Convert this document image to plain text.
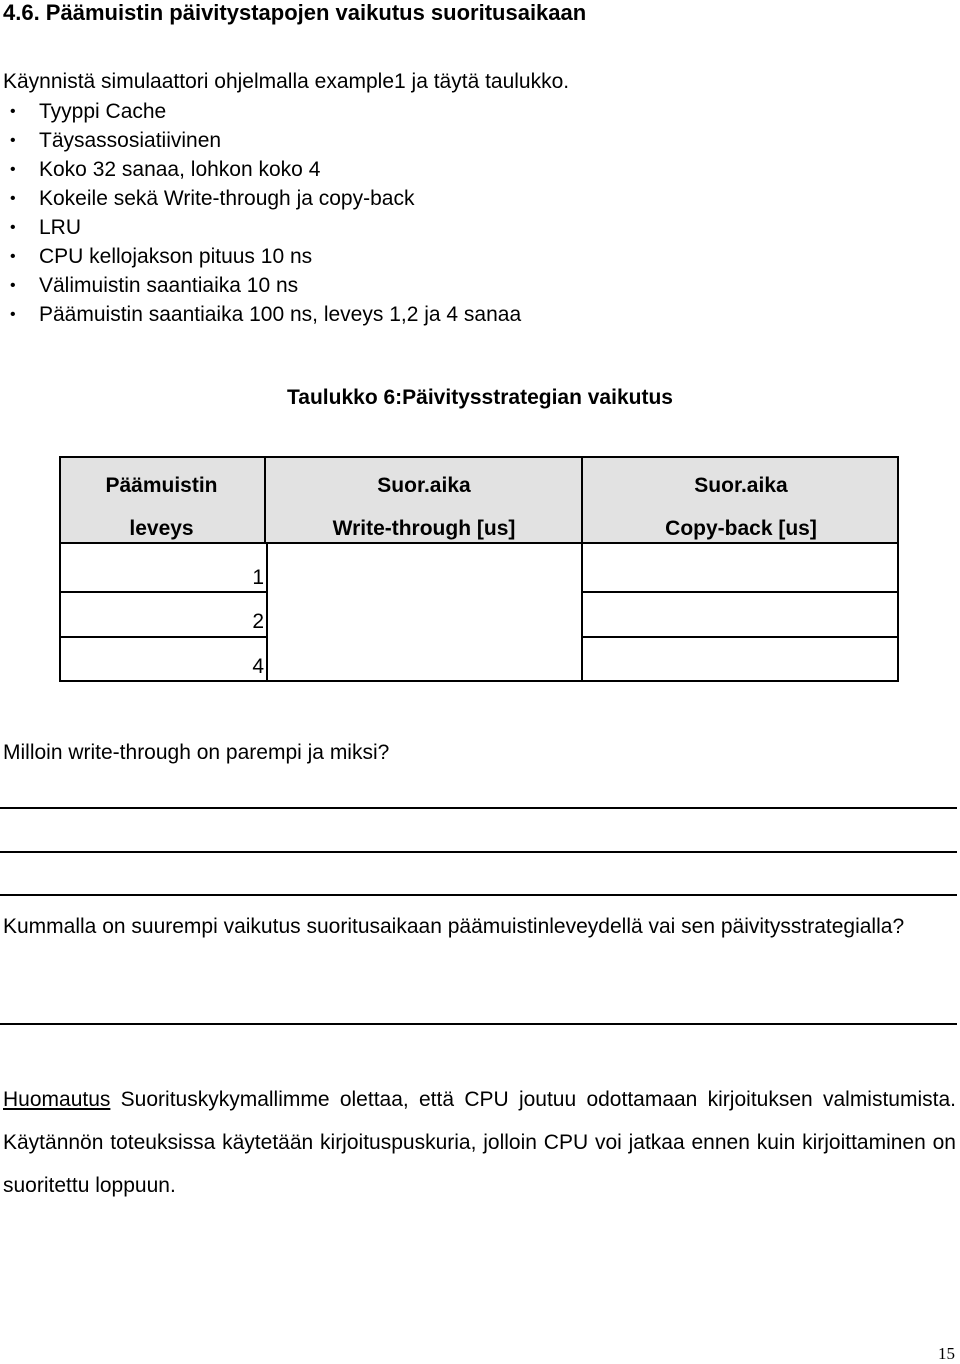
4.6. Päämuistin päivitystapojen vaikutus suoritusaikaan
Käynnistä simulaattori ohjelmalla example1 ja täytä taulukko.
• Tyyppi Cache
• Täysassosiatiivinen
• Koko 32 sanaa, lohkon koko 4
• Kokeile sekä Write-through ja copy-back
• LRU
• CPU kellojakson pituus 10 ns
• Välimuistin saantiaika 10 ns
• Päämuistin saantiaika 100 ns, leveys 1,2 ja 4 sanaa
Taulukko 6:Päivitysstrategian vaikutus
Päämuistin
leveys
Suor.aika
Write-through [us]
Suor.aika
Copy-back [us]
1
2
4
Milloin write-through on parempi ja miksi?
Kummalla on suurempi vaikutus suoritusaikaan päämuistinleveydellä vai sen päivitysstrategialla?
Huomautus Suorituskykymallimme olettaa, että CPU joutuu odottamaan kirjoituksen valmistumista. Käytännön toteuksissa käytetään kirjoituspuskuria, jolloin CPU voi jatkaa ennen kuin kirjoittaminen on suoritettu loppuun.
15
